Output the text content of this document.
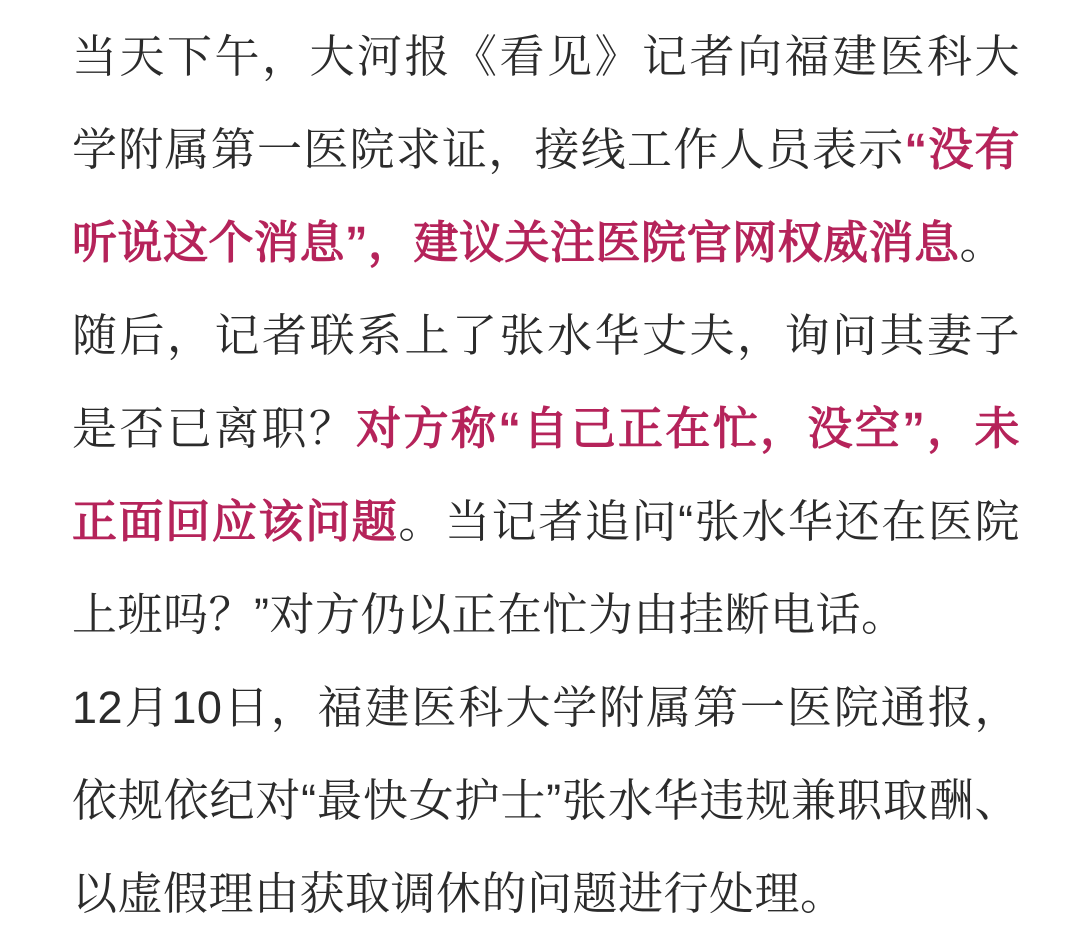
当天下午，大河报《看见》记者向福建医科大学附属第一医院求证，接线工作人员表示“没有听说这个消息”，建议关注医院官网权威消息。

随后，记者联系上了张水华丈夫，询问其妻子是否已离职？对方称“自己正在忙，没空”，未正面回应该问题。当记者追问“张水华还在医院上班吗？”对方仍以正在忙为由挂断电话。

12月10日，福建医科大学附属第一医院通报，依规依纪对“最快女护士”张水华违规兼职取酬、以虚假理由获取调休的问题进行处理。
